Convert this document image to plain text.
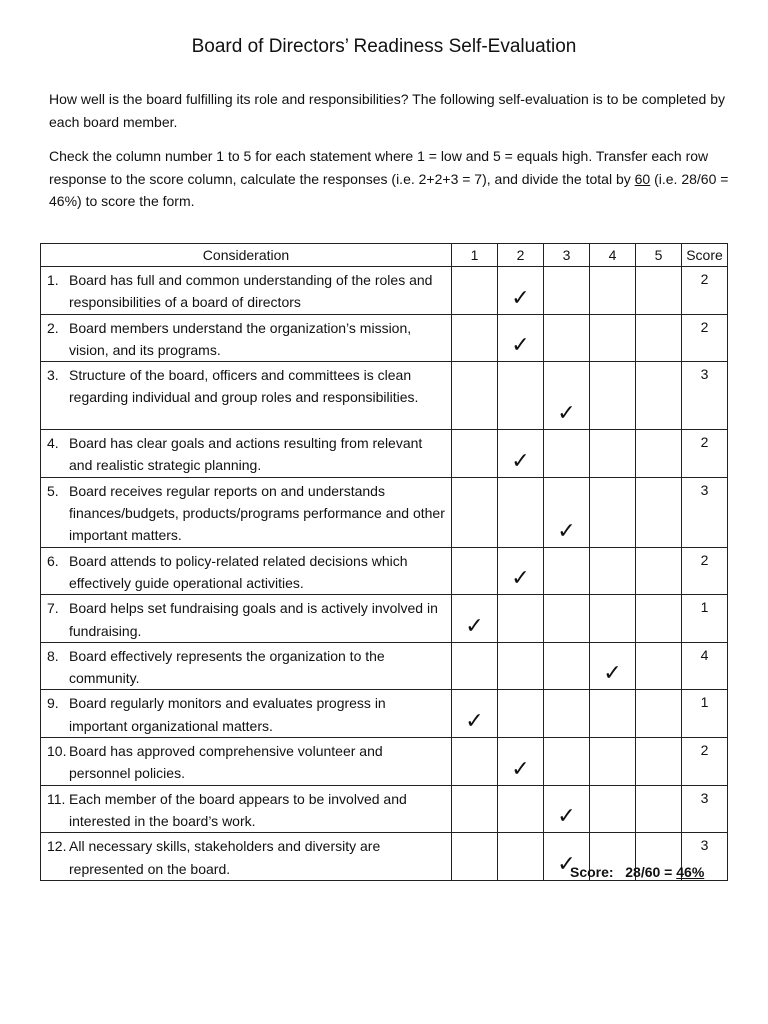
Board of Directors’ Readiness Self-Evaluation
How well is the board fulfilling its role and responsibilities? The following self-evaluation is to be completed by each board member.
Check the column number 1 to 5 for each statement where 1 = low and 5 = equals high. Transfer each row response to the score column, calculate the responses (i.e. 2+2+3 = 7), and divide the total by 60 (i.e. 28/60 = 46%) to score the form.
Consideration	1	2	3	4	5	Score

1. Board has full and common understanding of the roles and responsibilities of a board of directors		✓				2

2. Board members understand the organization’s mission, vision, and its programs.		✓				2

3. Structure of the board, officers and committees is clean regarding individual and group roles and responsibilities.			✓			3

4. Board has clear goals and actions resulting from relevant and realistic strategic planning.		✓				2

5. Board receives regular reports on and understands finances/budgets, products/programs performance and other important matters.			✓			3

6. Board attends to policy-related related decisions which effectively guide operational activities.		✓				2

7. Board helps set fundraising goals and is actively involved in fundraising.	✓					1

8. Board effectively represents the organization to the community.				✓		4

9. Board regularly monitors and evaluates progress in important organizational matters.	✓					1

10. Board has approved comprehensive volunteer and personnel policies.		✓				2

11. Each member of the board appears to be involved and interested in the board’s work.			✓			3

12. All necessary skills, stakeholders and diversity are represented on the board.			✓			3
Score: 28/60 = 46%
